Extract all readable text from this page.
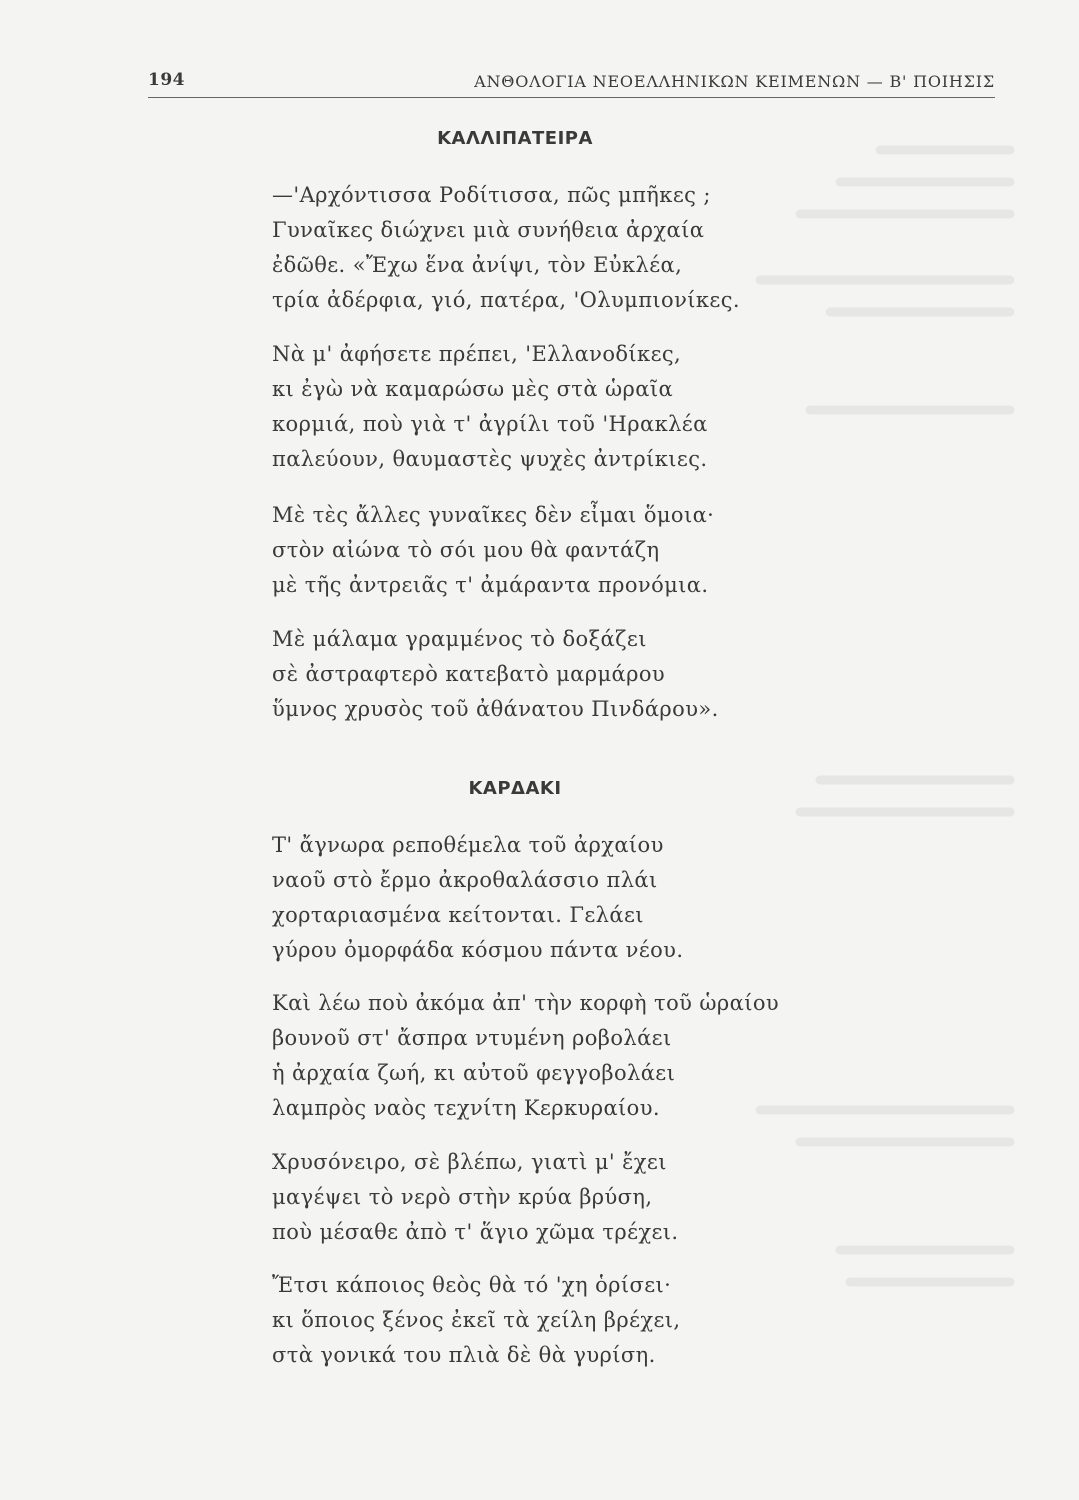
194	ΑΝΘΟΛΟΓΙΑ ΝΕΟΕΛΛΗΝΙΚΩΝ ΚΕΙΜΕΝΩΝ — Β' ΠΟΙΗΣΙΣ
ΚΑΛΛΙΠΑΤΕΙΡΑ
—'Αρχόντισσα Ροδίτισσα, πῶς μπῆκες ;
Γυναῖκες διώχνει μιὰ συνήθεια ἀρχαία
ἐδῶθε. «Ἔχω ἕνα ἀνίψι, τὸν Εὐκλέα,
τρία ἀδέρφια, γιό, πατέρα, 'Ολυμπιονίκες.
Νὰ μ' ἀφήσετε πρέπει, 'Ελλανοδίκες,
κι ἐγὼ νὰ καμαρώσω μὲς στὰ ὡραῖα
κορμιά, ποὺ γιὰ τ' ἀγρίλι τοῦ 'Ηρακλέα
παλεύουν, θαυμαστὲς ψυχὲς ἀντρίκιες.
Μὲ τὲς ἄλλες γυναῖκες δὲν εἶμαι ὅμοια·
στὸν αἰώνα τὸ σόι μου θὰ φαντάζη
μὲ τῆς ἀντρειᾶς τ' ἀμάραντα προνόμια.
Μὲ μάλαμα γραμμένος τὸ δοξάζει
σὲ ἀστραφτερὸ κατεβατὸ μαρμάρου
ὕμνος χρυσὸς τοῦ ἀθάνατου Πινδάρου».
ΚΑΡΔΑΚΙ
Τ' ἄγνωρα ρεποθέμελα τοῦ ἀρχαίου
ναοῦ στὸ ἔρμο ἀκροθαλάσσιο πλάι
χορταριασμένα κείτονται. Γελάει
γύρου ὀμορφάδα κόσμου πάντα νέου.
Καὶ λέω ποὺ ἀκόμα ἀπ' τὴν κορφὴ τοῦ ὡραίου
βουνοῦ στ' ἄσπρα ντυμένη ροβολάει
ἡ ἀρχαία ζωή, κι αὐτοῦ φεγγοβολάει
λαμπρὸς ναὸς τεχνίτη Κερκυραίου.
Χρυσόνειρο, σὲ βλέπω, γιατὶ μ' ἔχει
μαγέψει τὸ νερὸ στὴν κρύα βρύση,
ποὺ μέσαθε ἀπὸ τ' ἅγιο χῶμα τρέχει.
Ἔτσι κάποιος θεὸς θὰ τό 'χη ὁρίσει·
κι ὅποιος ξένος ἐκεῖ τὰ χείλη βρέχει,
στὰ γονικά του πλιὰ δὲ θὰ γυρίση.
